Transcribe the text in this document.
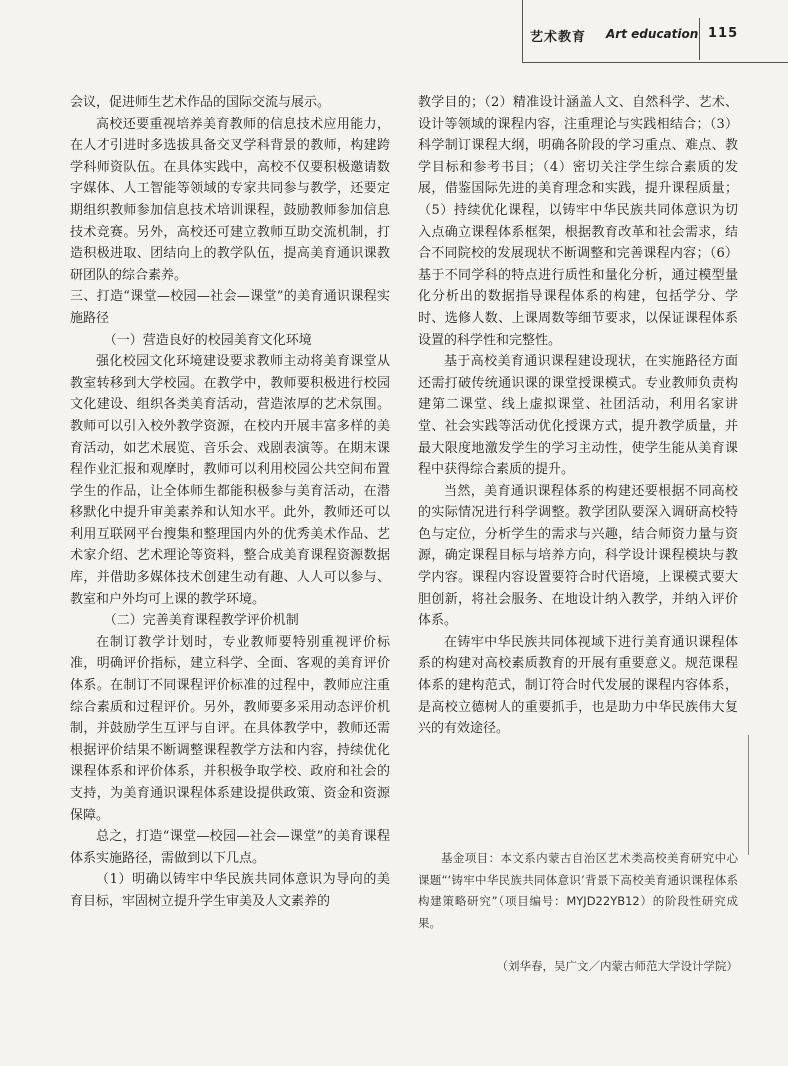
艺术教育 Art education 115

会议，促进师生艺术作品的国际交流与展示。

高校还要重视培养美育教师的信息技术应用能力，在人才引进时多选拔具备交叉学科背景的教师，构建跨学科师资队伍。在具体实践中，高校不仅要积极邀请数字媒体、人工智能等领域的专家共同参与教学，还要定期组织教师参加信息技术培训课程，鼓励教师参加信息技术竞赛。另外，高校还可建立教师互助交流机制，打造积极进取、团结向上的教学队伍，提高美育通识课教研团队的综合素养。

三、打造“课堂—校园—社会—课堂”的美育通识课程实施路径

（一）营造良好的校园美育文化环境

强化校园文化环境建设要求教师主动将美育课堂从教室转移到大学校园。在教学中，教师要积极进行校园文化建设、组织各类美育活动，营造浓厚的艺术氛围。教师可以引入校外教学资源，在校内开展丰富多样的美育活动，如艺术展览、音乐会、戏剧表演等。在期末课程作业汇报和观摩时，教师可以利用校园公共空间布置学生的作品，让全体师生都能积极参与美育活动，在潜移默化中提升审美素养和认知水平。此外，教师还可以利用互联网平台搜集和整理国内外的优秀美术作品、艺术家介绍、艺术理论等资料，整合成美育课程资源数据库，并借助多媒体技术创建生动有趣、人人可以参与、教室和户外均可上课的教学环境。

（二）完善美育课程教学评价机制

在制订教学计划时，专业教师要特别重视评价标准，明确评价指标，建立科学、全面、客观的美育评价体系。在制订不同课程评价标准的过程中，教师应注重综合素质和过程评价。另外，教师要多采用动态评价机制，并鼓励学生互评与自评。在具体教学中，教师还需根据评价结果不断调整课程教学方法和内容，持续优化课程体系和评价体系，并积极争取学校、政府和社会的支持，为美育通识课程体系建设提供政策、资金和资源保障。

总之，打造“课堂—校园—社会—课堂”的美育课程体系实施路径，需做到以下几点。

（1）明确以铸牢中华民族共同体意识为导向的美育目标，牢固树立提升学生审美及人文素养的

教学目的；（2）精准设计涵盖人文、自然科学、艺术、设计等领域的课程内容，注重理论与实践相结合；（3）科学制订课程大纲，明确各阶段的学习重点、难点、教学目标和参考书目；（4）密切关注学生综合素质的发展，借鉴国际先进的美育理念和实践，提升课程质量；（5）持续优化课程，以铸牢中华民族共同体意识为切入点确立课程体系框架，根据教育改革和社会需求，结合不同院校的发展现状不断调整和完善课程内容；（6）基于不同学科的特点进行质性和量化分析，通过模型量化分析出的数据指导课程体系的构建，包括学分、学时、选修人数、上课周数等细节要求，以保证课程体系设置的科学性和完整性。

基于高校美育通识课程建设现状，在实施路径方面还需打破传统通识课的课堂授课模式。专业教师负责构建第二课堂、线上虚拟课堂、社团活动，利用名家讲堂、社会实践等活动优化授课方式，提升教学质量，并最大限度地激发学生的学习主动性，使学生能从美育课程中获得综合素质的提升。

当然，美育通识课程体系的构建还要根据不同高校的实际情况进行科学调整。教学团队要深入调研高校特色与定位，分析学生的需求与兴趣，结合师资力量与资源，确定课程目标与培养方向，科学设计课程模块与教学内容。课程内容设置要符合时代语境，上课模式要大胆创新，将社会服务、在地设计纳入教学，并纳入评价体系。

在铸牢中华民族共同体视域下进行美育通识课程体系的构建对高校素质教育的开展有重要意义。规范课程体系的建构范式，制订符合时代发展的课程内容体系，是高校立德树人的重要抓手，也是助力中华民族伟大复兴的有效途径。

基金项目：本文系内蒙古自治区艺术类高校美育研究中心课题“‘铸牢中华民族共同体意识’背景下高校美育通识课程体系构建策略研究”（项目编号：MYJD22YB12）的阶段性研究成果。
（刘华春，吴广文／内蒙古师范大学设计学院）
